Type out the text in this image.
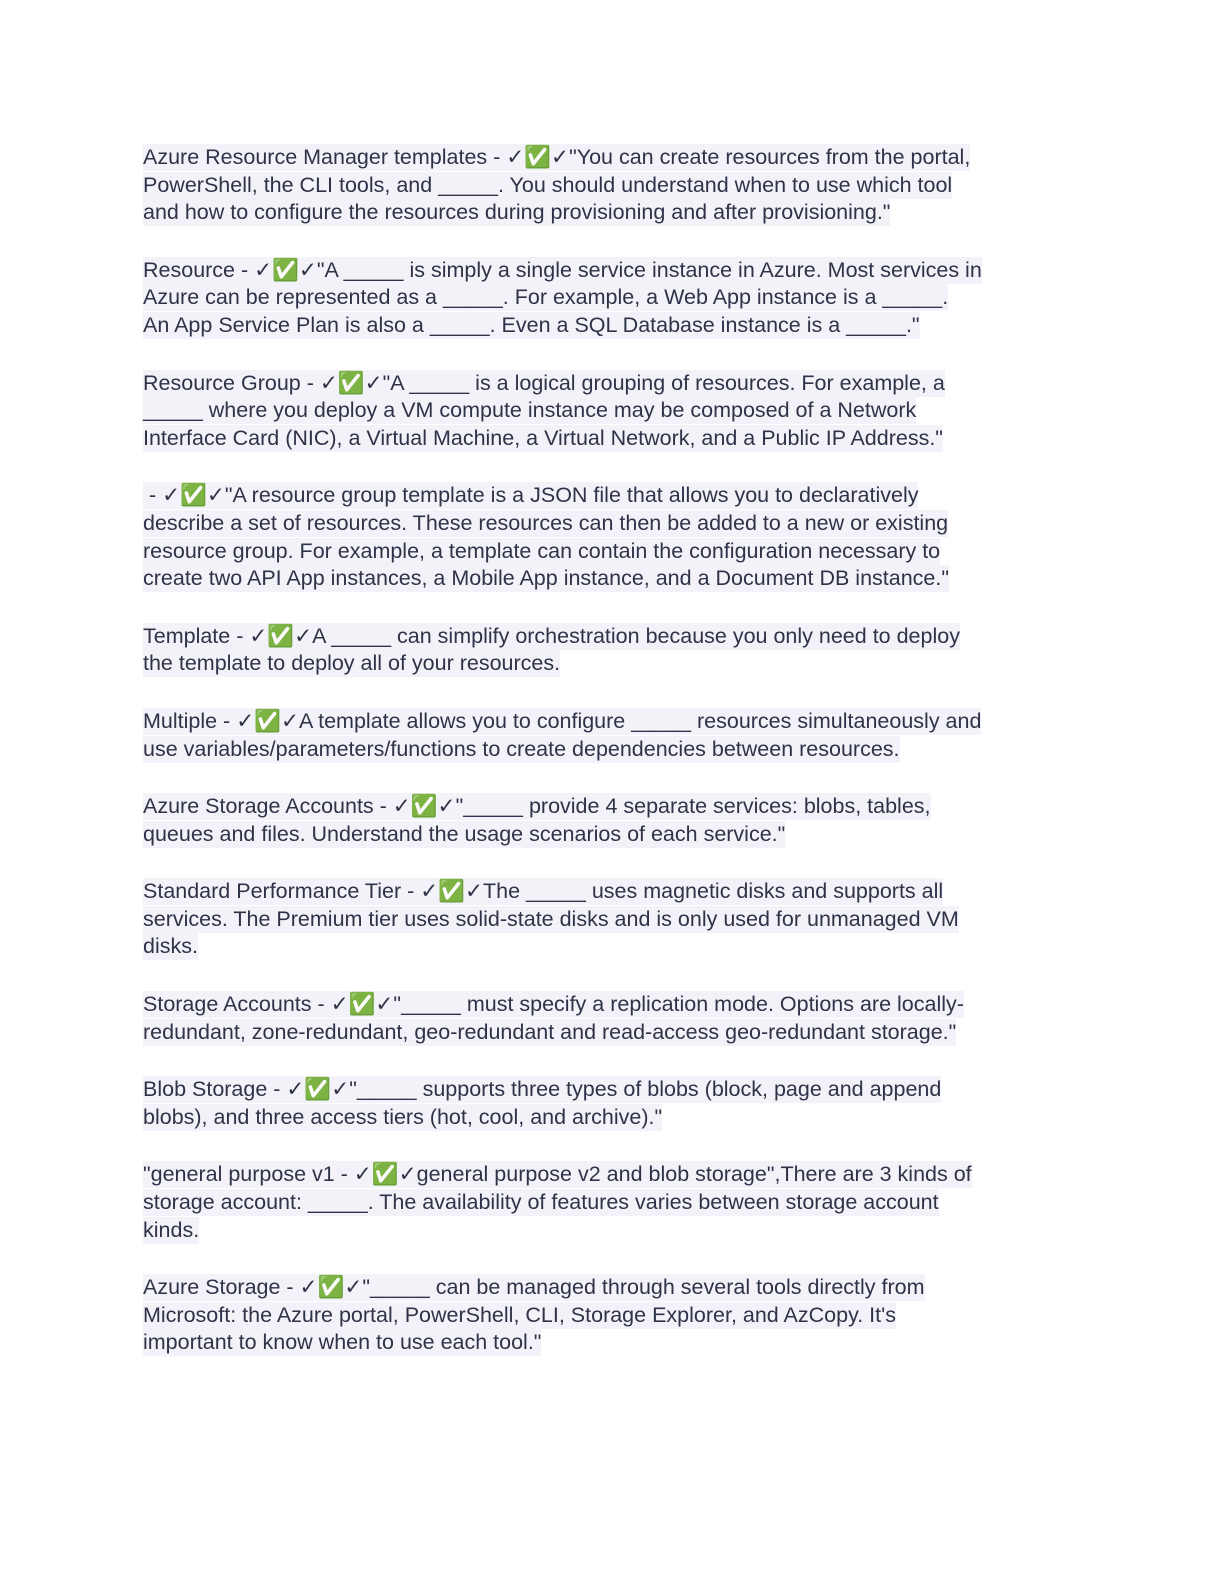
Azure Resource Manager templates - ✓✅✓"You can create resources from the portal,
PowerShell, the CLI tools, and _____. You should understand when to use which tool
and how to configure the resources during provisioning and after provisioning."
Resource - ✓✅✓"A _____ is simply a single service instance in Azure. Most services in
Azure can be represented as a _____. For example, a Web App instance is a _____.
An App Service Plan is also a _____. Even a SQL Database instance is a _____."
Resource Group - ✓✅✓"A _____ is a logical grouping of resources. For example, a
_____ where you deploy a VM compute instance may be composed of a Network
Interface Card (NIC), a Virtual Machine, a Virtual Network, and a Public IP Address."
- ✓✅✓"A resource group template is a JSON file that allows you to declaratively
describe a set of resources. These resources can then be added to a new or existing
resource group. For example, a template can contain the configuration necessary to
create two API App instances, a Mobile App instance, and a Document DB instance."
Template - ✓✅✓A _____ can simplify orchestration because you only need to deploy
the template to deploy all of your resources.
Multiple - ✓✅✓A template allows you to configure _____ resources simultaneously and
use variables/parameters/functions to create dependencies between resources.
Azure Storage Accounts - ✓✅✓"_____ provide 4 separate services: blobs, tables,
queues and files. Understand the usage scenarios of each service."
Standard Performance Tier - ✓✅✓The _____ uses magnetic disks and supports all
services. The Premium tier uses solid-state disks and is only used for unmanaged VM
disks.
Storage Accounts - ✓✅✓"_____ must specify a replication mode. Options are locally-
redundant, zone-redundant, geo-redundant and read-access geo-redundant storage."
Blob Storage - ✓✅✓"_____ supports three types of blobs (block, page and append
blobs), and three access tiers (hot, cool, and archive)."
"general purpose v1 - ✓✅✓general purpose v2 and blob storage",There are 3 kinds of
storage account: _____. The availability of features varies between storage account
kinds.
Azure Storage - ✓✅✓"_____ can be managed through several tools directly from
Microsoft: the Azure portal, PowerShell, CLI, Storage Explorer, and AzCopy. It's
important to know when to use each tool."
